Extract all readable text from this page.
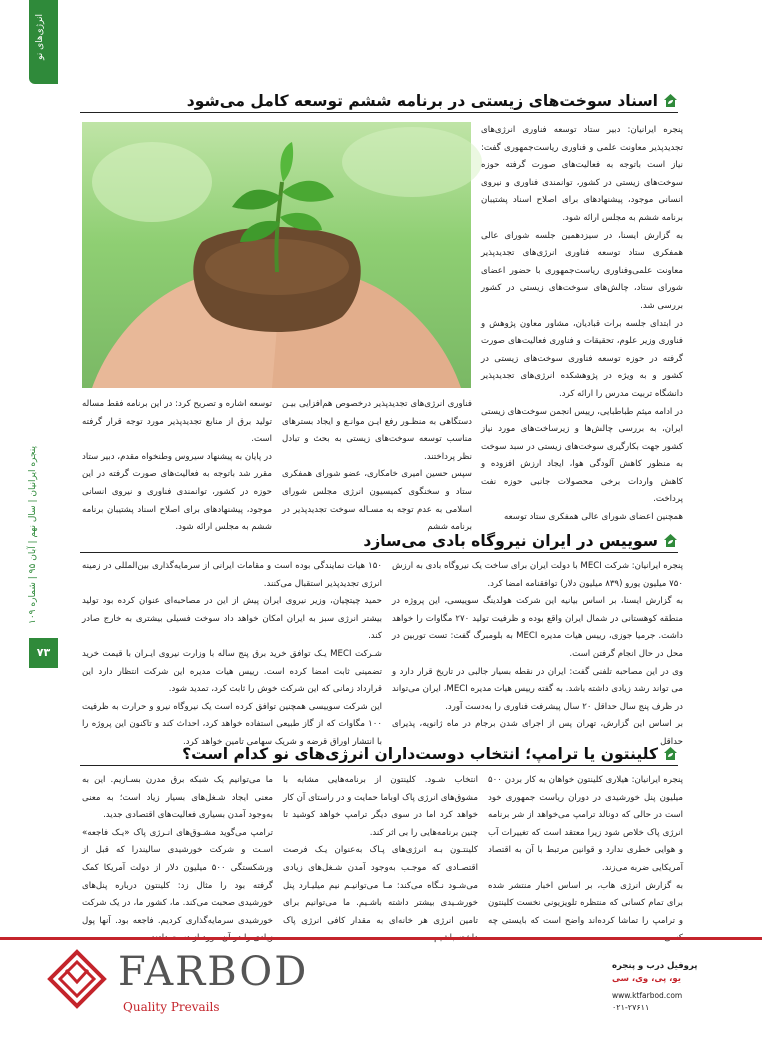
انرژی‌های نو
پنجره ایرانیان | سال نهم | آبان ۹۵ | شماره ۱۰۹
۷۳
اسناد سوخت‌های زیستی در برنامه ششم توسعه کامل می‌شود

پنجره ایرانیان: دبیر ستاد توسعه فناوری انرژی‌های تجدیدپذیر معاونت علمی و فناوری ریاست‌جمهوری گفت: نیاز است باتوجه به فعالیت‌های صورت گرفته حوزه سوخت‌های زیستی در کشور، توانمندی فناوری و نیروی انسانی موجود، پیشنهادهای برای اصلاح اسناد پشتیبان برنامه ششم به مجلس ارائه شود.

به گزارش ایسنا، در سیزدهمین جلسه شورای عالی همفکری ستاد توسعه فناوری انرژی‌های تجدیدپذیر معاونت علمی‌وفناوری ریاست‌جمهوری با حضور اعضای شورای ستاد، چالش‌های سوخت‌های زیستی در کشور بررسی شد.

در ابتدای جلسه برات قبادیان، مشاور معاون پژوهش و فناوری وزیر علوم، تحقیقات و فناوری فعالیت‌های صورت گرفته در حوزه توسعه فناوری سوخت‌های زیستی در کشور و به ویژه در پژوهشکده انرژی‌های تجدیدپذیر دانشگاه تربیت مدرس را ارائه کرد.

در ادامه میثم طباطبایی، رییس انجمن سوخت‌های زیستی ایران، به بررسی چالش‌ها و زیرساخت‌های مورد نیاز کشور جهت بکارگیری سوخت‌های زیستی در سبد سوخت به منظور کاهش آلودگی هوا، ایجاد ارزش افزوده و کاهش واردات برخی محصولات جانبی حوزه نفت پرداخت.

همچنین اعضای شورای عالی همفکری ستاد توسعه

فناوری انرژی‌های تجدیدپذیر درخصوص هم‌افزایی بیـن دستگاهی به منظـور رفع ایـن موانـع و ایجاد بسترهای مناسب توسعه سوخت‌های زیستی به بحث و تبادل نظر پرداختند.

سپس حسین امیری خامکاری، عضو شورای همفکری ستاد و سخنگوی کمیسیون انرژی مجلس شورای اسلامی به عدم توجه به مسـاله سوخت تجدیدپذیر در برنامه ششم

توسعه اشاره و تصریح کرد: در این برنامه فقط مساله تولید برق از منابع تجدیدپذیر مورد توجه قرار گرفته است.

در پایان به پیشنهاد سیروس وطنخواه مقدم، دبیر ستاد مقرر شد باتوجه به فعالیت‌های صورت گرفته در این حوزه در کشور، توانمندی فناوری و نیروی انسانی موجود، پیشنهادهای برای اصلاح اسناد پشتیبان برنامه ششم به مجلس ارائه شود.

سوییس در ایران نیروگاه بادی می‌سازد

پنجره ایرانیان: شرکت MECI با دولت ایران برای ساخت یک نیروگاه بادی به ارزش ۷۵۰ میلیون یورو (۸۳۹ میلیون دلار) توافقنامه امضا کرد.

به گزارش ایسنا، بر اساس بیانیه این شرکت هولدینگ سوییسی، این پروژه در منطقه کوهستانی در شمال ایران واقع بوده و ظرفیت تولید ۲۷۰ مگاوات را خواهد داشت. جرمیا جوزی، رییس هیات مدیره MECI به بلومبرگ گفت: تست توربین در محل در حال انجام گرفتن است.

وی در این مصاحبه تلفنی گفت: ایران در نقطه بسیار جالبی در تاریخ قرار دارد و می تواند رشد زیادی داشته باشد. به گفته رییس هیات مدیره MECI، ایران می‌تواند در ظرف پنج سال حداقل ۲۰ سال پیشرفت فناوری را به‌دست آورد.

بر اساس این گزارش، تهران پس از اجرای شدن برجام در ماه ژانویه، پذیرای حداقل

۱۵۰ هیات نمایندگی بوده است و مقامات ایرانی از سرمایه‌گذاری بین‌المللی در زمینه انرژی تجدیدپذیر استقبال می‌کنند.

حمید چیتچیان، وزیر نیروی ایران پیش از این در مصاحبه‌ای عنوان کرده بود تولید بیشتر انرژی سبز به ایران امکان خواهد داد سوخت فسیلی بیشتری به خارج صادر کند.

شـرکت MECI یـک توافق خرید برق پنج ساله با وزارت نیروی ایـران با قیمت خرید تضمینی ثابت امضا کرده است. رییس هیات مدیره این شرکت انتظار دارد این قرارداد زمانی که این شرکت خوش را ثابت کرد، تمدید شود.

این شرکت سوییسی همچنین توافق کرده است یک نیروگاه نیرو و حرارت به ظرفیت ۱۰۰ مگاوات که از گاز طبیعی استفاده خواهد کرد، احداث کند و تاکنون این پروژه را با انتشار اوراق قرضه و شریک سهامی تامین خواهد کرد.

کلینتون یا ترامپ؛ انتخاب دوست‌داران انرژی‌های نو کدام است؟

پنجره ایرانیان: هیلاری کلینتون خواهان به کار بردن ۵۰۰ میلیون پنل خورشیدی در دوران ریاست جمهوری خود است در حالی که دونالد ترامپ می‌خواهد از شر برنامه انرژی پاک خلاص شود زیرا معتقد است که تغییرات آب و هوایی خطری ندارد و قوانین مرتبط با آن به اقتصاد آمریکایی ضربه می‌زند.

به گزارش انرژی هاب، بر اساس اخبار منتشر شده برای تمام کسانی که منتظره تلویزیونی نخست کلینتون و ترامپ را تماشا کرده‌اند واضح است که بایستی چه

انتخاب شـود. کلینتون از برنامه‌هایی مشابه با مشوق‌های انرژی پاک اوباما حمایت و در راستای آن کار خواهد کرد اما در سوی دیگر ترامپ خواهد کوشید تا چنین برنامه‌هایی را بی اثر کند.

کلینتـون بـه انرژی‌های پـاک به‌عنوان یـک فرصت اقتصـادی که موجـب به‌وجود آمدن شـغل‌های زیادی می‌شـود نـگاه می‌کند: مـا می‌توانیـم نیم میلیـارد پنل خورشـیدی بیشتر داشته باشـیم. ما می‌توانیم برای تامین انرژی هر خانه‌ای به مقدار کافی انرژی پاک

ما می‌توانیم یک شبکه برق مدرن بسـازیم. این به معنی ایجاد شـغل‌های بسیار زیاد است؛ به معنی به‌وجود آمدن بسیاری فعالیت‌های اقتصادی جدید.

ترامپ می‌گوید مشـوق‌های انـرژی پاک «یـک فاجعه» اسـت و شرکت خورشیدی سالیندرا که قبل از ورشکستگی ۵۰۰ میلیون دلار از دولت آمریکا کمک گرفته بود را مثال زد: کلینتون درباره پنل‌های خورشیدی صحبت می‌کند. ما، کشور ما، در یک شرکت خورشیدی سرمایه‌گذاری کردیم. فاجعه بود. آنها پول

FARBOD
Quality Prevails
پروفیل درب و پنجره
یو، پی، وی، سی
www.ktfarbod.com
۰۲۱-۲۷۶۱۱
